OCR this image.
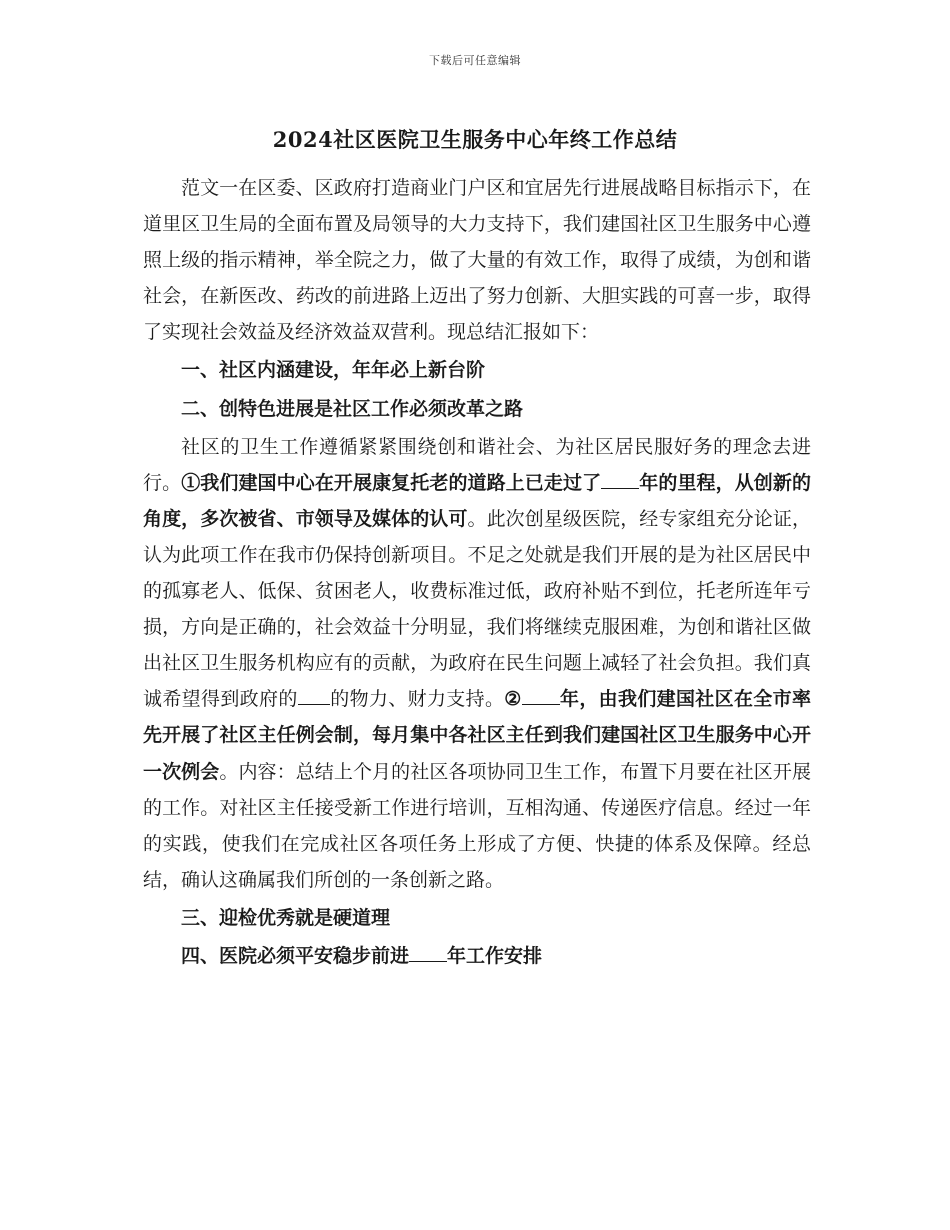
下载后可任意编辑
2024社区医院卫生服务中心年终工作总结

范文一在区委、区政府打造商业门户区和宜居先行进展战略目标指示下，在道里区卫生局的全面布置及局领导的大力支持下，我们建国社区卫生服务中心遵照上级的指示精神，举全院之力，做了大量的有效工作，取得了成绩，为创和谐社会，在新医改、药改的前进路上迈出了努力创新、大胆实践的可喜一步，取得了实现社会效益及经济效益双营利。现总结汇报如下：

一、社区内涵建设，年年必上新台阶

二、创特色进展是社区工作必须改革之路

社区的卫生工作遵循紧紧围绕创和谐社会、为社区居民服好务的理念去进行。①我们建国中心在开展康复托老的道路上已走过了 年的里程，从创新的角度，多次被省、市领导及媒体的认可。此次创星级医院，经专家组充分论证，认为此项工作在我市仍保持创新项目。不足之处就是我们开展的是为社区居民中的孤寡老人、低保、贫困老人，收费标准过低，政府补贴不到位，托老所连年亏损，方向是正确的，社会效益十分明显，我们将继续克服困难，为创和谐社区做出社区卫生服务机构应有的贡献，为政府在民生问题上减轻了社会负担。我们真诚希望得到政府的 的物力、财力支持。② 年，由我们建国社区在全市率先开展了社区主任例会制，每月集中各社区主任到我们建国社区卫生服务中心开一次例会。内容：总结上个月的社区各项协同卫生工作，布置下月要在社区开展的工作。对社区主任接受新工作进行培训，互相沟通、传递医疗信息。经过一年的实践，使我们在完成社区各项任务上形成了方便、快捷的体系及保障。经总结，确认这确属我们所创的一条创新之路。

三、迎检优秀就是硬道理

四、医院必须平安稳步前进 年工作安排
